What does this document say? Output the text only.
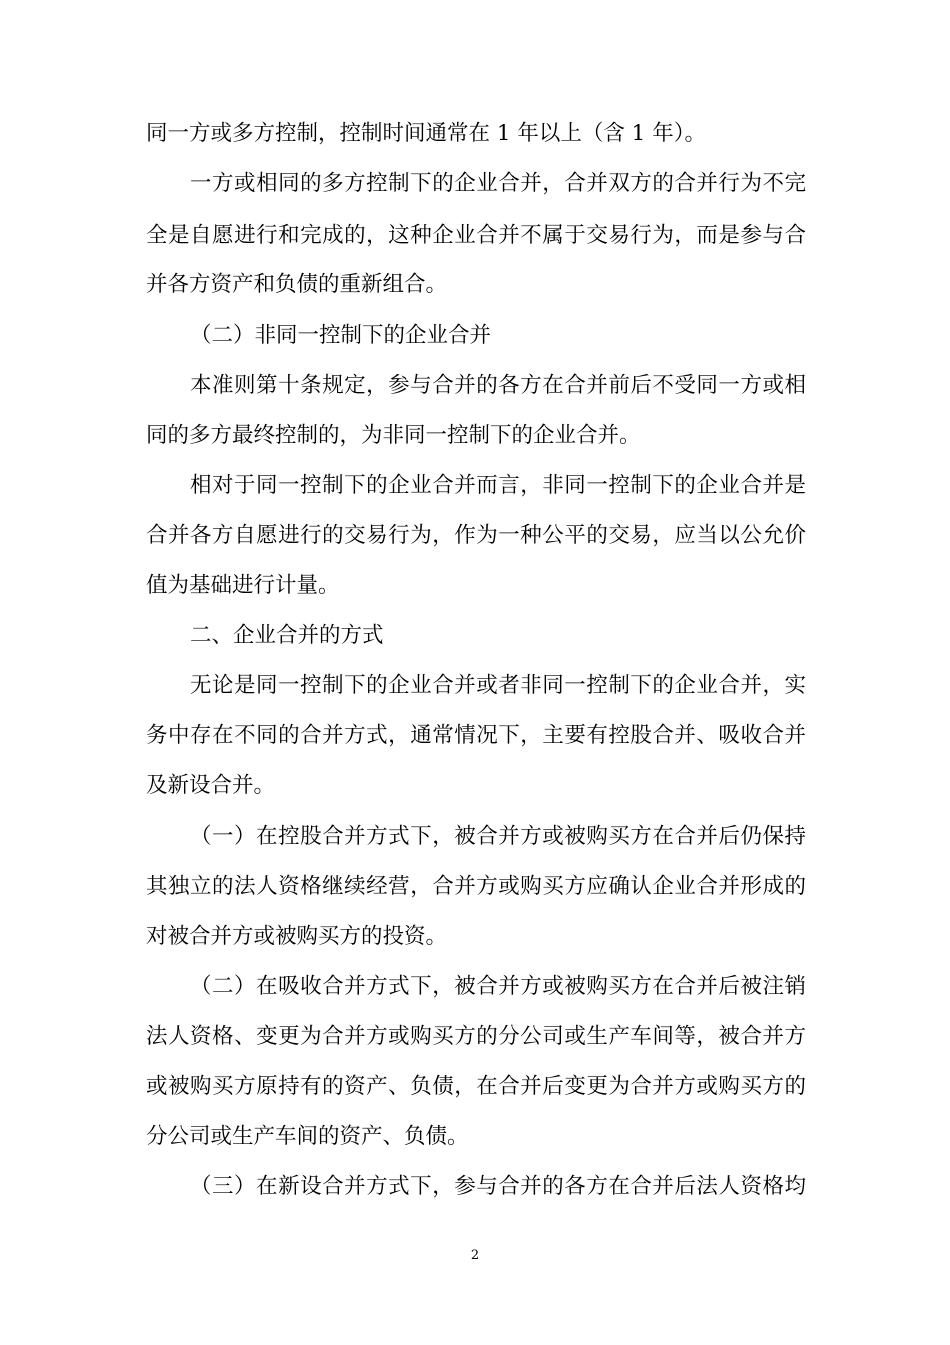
同一方或多方控制，控制时间通常在 1 年以上（含 1 年）。
一方或相同的多方控制下的企业合并，合并双方的合并行为不完
全是自愿进行和完成的，这种企业合并不属于交易行为，而是参与合
并各方资产和负债的重新组合。
（二）非同一控制下的企业合并
本准则第十条规定，参与合并的各方在合并前后不受同一方或相
同的多方最终控制的，为非同一控制下的企业合并。
相对于同一控制下的企业合并而言，非同一控制下的企业合并是
合并各方自愿进行的交易行为，作为一种公平的交易，应当以公允价
值为基础进行计量。
二、企业合并的方式
无论是同一控制下的企业合并或者非同一控制下的企业合并，实
务中存在不同的合并方式，通常情况下，主要有控股合并、吸收合并
及新设合并。
（一）在控股合并方式下，被合并方或被购买方在合并后仍保持
其独立的法人资格继续经营，合并方或购买方应确认企业合并形成的
对被合并方或被购买方的投资。
（二）在吸收合并方式下，被合并方或被购买方在合并后被注销
法人资格、变更为合并方或购买方的分公司或生产车间等，被合并方
或被购买方原持有的资产、负债，在合并后变更为合并方或购买方的
分公司或生产车间的资产、负债。
（三）在新设合并方式下，参与合并的各方在合并后法人资格均
2
